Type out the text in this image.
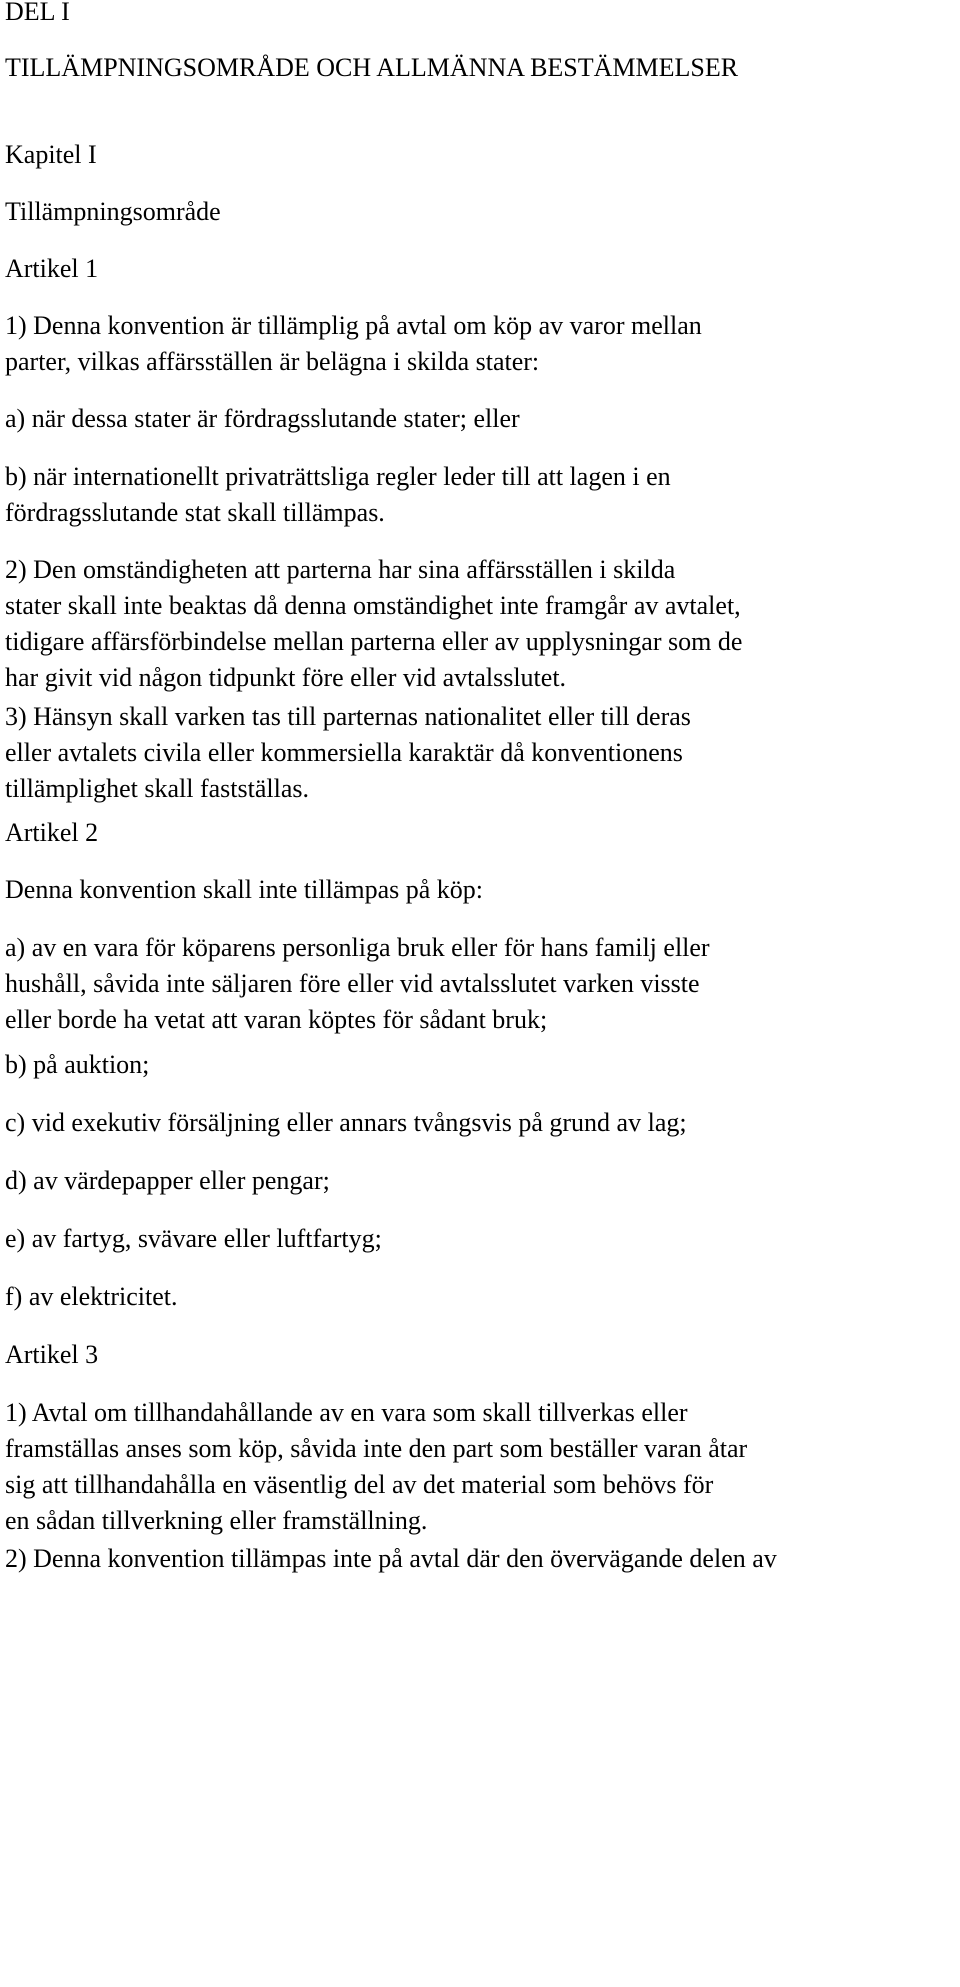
DEL I
TILLÄMPNINGSOMRÅDE OCH ALLMÄNNA BESTÄMMELSER
Kapitel I
Tillämpningsområde
Artikel 1
1) Denna konvention är tillämplig på avtal om köp av varor mellan
parter, vilkas affärsställen är belägna i skilda stater:
a) när dessa stater är fördragsslutande stater; eller
b) när internationellt privaträttsliga regler leder till att lagen i en
fördragsslutande stat skall tillämpas.
2) Den omständigheten att parterna har sina affärsställen i skilda
stater skall inte beaktas då denna omständighet inte framgår av avtalet,
tidigare affärsförbindelse mellan parterna eller av upplysningar som de
har givit vid någon tidpunkt före eller vid avtalsslutet.
3) Hänsyn skall varken tas till parternas nationalitet eller till deras
eller avtalets civila eller kommersiella karaktär då konventionens
tillämplighet skall fastställas.
Artikel 2
Denna konvention skall inte tillämpas på köp:
a) av en vara för köparens personliga bruk eller för hans familj eller
hushåll, såvida inte säljaren före eller vid avtalsslutet varken visste
eller borde ha vetat att varan köptes för sådant bruk;
b) på auktion;
c) vid exekutiv försäljning eller annars tvångsvis på grund av lag;
d) av värdepapper eller pengar;
e) av fartyg, svävare eller luftfartyg;
f) av elektricitet.
Artikel 3
1) Avtal om tillhandahållande av en vara som skall tillverkas eller
framställas anses som köp, såvida inte den part som beställer varan åtar
sig att tillhandahålla en väsentlig del av det material som behövs för
en sådan tillverkning eller framställning.
2) Denna konvention tillämpas inte på avtal där den övervägande delen av
